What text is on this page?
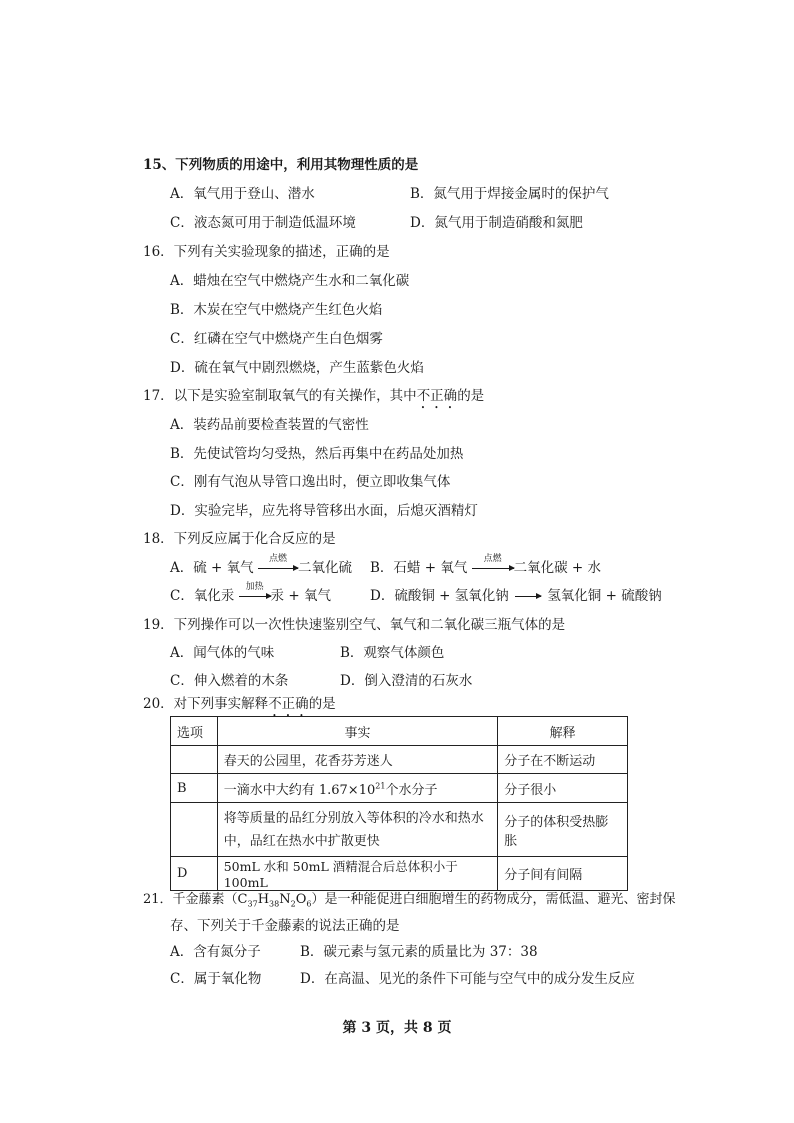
15、下列物质的用途中，利用其物理性质的是
A．氧气用于登山、潜水	B．氮气用于焊接金属时的保护气
C．液态氮可用于制造低温环境	D．氮气用于制造硝酸和氮肥
16．下列有关实验现象的描述，正确的是
A．蜡烛在空气中燃烧产生水和二氧化碳
B．木炭在空气中燃烧产生红色火焰
C．红磷在空气中燃烧产生白色烟雾
D．硫在氧气中剧烈燃烧，产生蓝紫色火焰
17．以下是实验室制取氧气的有关操作，其中不正确的是
A．装药品前要检查装置的气密性
B．先使试管均匀受热，然后再集中在药品处加热
C．刚有气泡从导管口逸出时，便立即收集气体
D．实验完毕，应先将导管移出水面，后熄灭酒精灯
18．下列反应属于化合反应的是
A．硫 + 氧气
点燃
二氧化硫 B．石蜡 + 氧气
点燃
二氧化碳 + 水
C．氧化汞
加热
汞 + 氧气	D．硫酸铜 + 氢氧化钠 → 氢氧化铜 + 硫酸钠
19．下列操作可以一次性快速鉴别空气、氧气和二氧化碳三瓶气体的是
A．闻气体的气味	B．观察气体颜色
C．伸入燃着的木条	D．倒入澄清的石灰水
20．对下列事实解释不正确的是
选项	事实	解释
	春天的公园里，花香芬芳迷人	分子在不断运动
B	一滴水中大约有 $1.67\times 10^{21}$个水分子	分子很小
	将等质量的品红分别放入等体积的冷水和热水中，品红在热水中扩散更快	分子的体积受热膨胀
D	50mL 水和 50mL 酒精混合后总体积小于 100mL	分子间有间隔
21．千金藤素$(C_{37}H_{38}N_2O_6)$是一种能促进白细胞增生的药物成分，需低温、避光、密封保
存、下列关于千金藤素的说法正确的是
A．含有氮分子	B．碳元素与氢元素的质量比为 37：38
C．属于氧化物	D．在高温、见光的条件下可能与空气中的成分发生反应
第 3 页，共 8 页
